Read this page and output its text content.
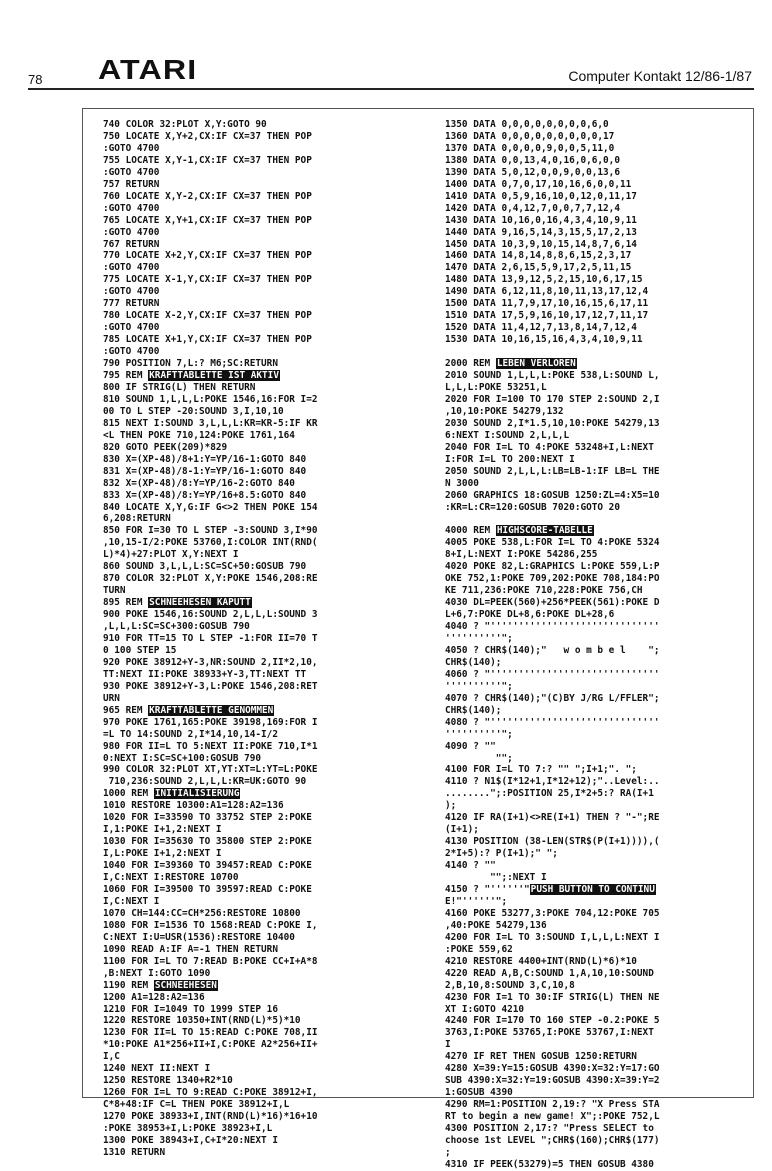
78 ATARI	Computer Kontakt 12/86-1/87
740 COLOR 32:PLOT X,Y:GOTO 90
750 LOCATE X,Y+2,CX:IF CX=37 THEN POP
:GOTO 4700
755 LOCATE X,Y-1,CX:IF CX=37 THEN POP
:GOTO 4700
757 RETURN
760 LOCATE X,Y-2,CX:IF CX=37 THEN POP
:GOTO 4700
765 LOCATE X,Y+1,CX:IF CX=37 THEN POP
:GOTO 4700
767 RETURN
770 LOCATE X+2,Y,CX:IF CX=37 THEN POP
:GOTO 4700
775 LOCATE X-1,Y,CX:IF CX=37 THEN POP
:GOTO 4700
777 RETURN
780 LOCATE X-2,Y,CX:IF CX=37 THEN POP
:GOTO 4700
785 LOCATE X+1,Y,CX:IF CX=37 THEN POP
:GOTO 4700
790 POSITION 7,L:? M6;SC:RETURN
795 REM KRÄFTTABLETTE IST AKTIV
800 IF STRIG(L) THEN RETURN
810 SOUND 1,L,L,L:POKE 1546,16:FOR I=2
00 TO L STEP -20:SOUND 3,I,10,10
815 NEXT I:SOUND 3,L,L,L:KR=KR-5:IF KR
<L THEN POKE 710,124:POKE 1761,164
820 GOTO PEEK(209)*829
830 X=(XP-48)/8+1:Y=YP/16-1:GOTO 840
831 X=(XP-48)/8-1:Y=YP/16-1:GOTO 840
832 X=(XP-48)/8:Y=YP/16-2:GOTO 840
833 X=(XP-48)/8:Y=YP/16+8.5:GOTO 840
840 LOCATE X,Y,G:IF G<>2 THEN POKE 154
6,208:RETURN
850 FOR I=30 TO L STEP -3:SOUND 3,I*90
,10,15-I/2:POKE 53760,I:COLOR INT(RND(
L)*4)+27:PLOT X,Y:NEXT I
860 SOUND 3,L,L,L:SC=SC+50:GOSUB 790
870 COLOR 32:PLOT X,Y:POKE 1546,208:RE
TURN
895 REM SCHNEEHESEN KAPUTT
900 POKE 1546,16:SOUND 2,L,L,L:SOUND 3
,L,L,L:SC=SC+300:GOSUB 790
910 FOR TT=15 TO L STEP -1:FOR II=70 T
0 100 STEP 15
920 POKE 38912+Y-3,NR:SOUND 2,II*2,10,
TT:NEXT II:POKE 38933+Y-3,TT:NEXT TT
930 POKE 38912+Y-3,L:POKE 1546,208:RET
URN
965 REM KRÄFTTABLETTE GENOMMEN
970 POKE 1761,165:POKE 39198,169:FOR I
=L TO 14:SOUND 2,I*14,10,14-I/2
980 FOR II=L TO 5:NEXT II:POKE 710,I*1
0:NEXT I:SC=SC+100:GOSUB 790
990 COLOR 32:PLOT XT,YT:XT=L:YT=L:POKE
710,236:SOUND 2,L,L,L:KR=UK:GOTO 90
1000 REM INITIALISIERUNG
1010 RESTORE 10300:A1=128:A2=136
1020 FOR I=33590 TO 33752 STEP 2:POKE
I,1:POKE I+1,2:NEXT I
1030 FOR I=35630 TO 35800 STEP 2:POKE
I,L:POKE I+1,2:NEXT I
1040 FOR I=39360 TO 39457:READ C:POKE
I,C:NEXT I:RESTORE 10700
1060 FOR I=39500 TO 39597:READ C:POKE
I,C:NEXT I
1070 CH=144:CC=CH*256:RESTORE 10800
1080 FOR I=1536 TO 1568:READ C:POKE I,
C:NEXT I:U=USR(1536):RESTORE 10400
1090 READ A:IF A=-1 THEN RETURN
1100 FOR I=L TO 7:READ B:POKE CC+I+A*8
,B:NEXT I:GOTO 1090
1190 REM SCHNEEHESEN
1200 A1=128:A2=136
1210 FOR I=1049 TO 1999 STEP 16
1220 RESTORE 10350+INT(RND(L)*5)*10
1230 FOR II=L TO 15:READ C:POKE 708,II
*10:POKE A1*256+II+I,C:POKE A2*256+II+
I,C
1240 NEXT II:NEXT I
1250 RESTORE 1340+R2*10
1260 FOR I=L TO 9:READ C:POKE 38912+I,
C*8+48:IF C=L THEN POKE 38912+I,L
1270 POKE 38933+I,INT(RND(L)*16)*16+10
:POKE 38953+I,L:POKE 38923+I,L
1300 POKE 38943+I,C+I*20:NEXT I
1310 RETURN
1350 DATA 0,0,0,0,0,0,0,0,6,0
1360 DATA 0,0,0,0,0,0,0,0,0,17
1370 DATA 0,0,0,0,9,0,0,5,11,0
1380 DATA 0,0,13,4,0,16,0,6,0,0
1390 DATA 5,0,12,0,0,9,0,0,13,6
1400 DATA 0,7,0,17,10,16,6,0,0,11
1410 DATA 0,5,9,16,10,0,12,0,11,17
1420 DATA 0,4,12,7,0,0,7,7,12,4
1430 DATA 10,16,0,16,4,3,4,10,9,11
1440 DATA 9,16,5,14,3,15,5,17,2,13
1450 DATA 10,3,9,10,15,14,8,7,6,14
1460 DATA 14,8,14,8,8,6,15,2,3,17
1470 DATA 2,6,15,5,9,17,2,5,11,15
1480 DATA 13,9,12,5,2,15,10,6,17,15
1490 DATA 6,12,11,8,10,11,13,17,12,4
1500 DATA 11,7,9,17,10,16,15,6,17,11
1510 DATA 17,5,9,16,10,17,12,7,11,17
1520 DATA 11,4,12,7,13,8,14,7,12,4
1530 DATA 10,16,15,16,4,3,4,10,9,11
2000 REM LEBEN VERLOREN
2010 SOUND 1,L,L,L:POKE 538,L:SOUND L,
L,L,L:POKE 53251,L
2020 FOR I=100 TO 170 STEP 2:SOUND 2,I
,10,10:POKE 54279,132
2030 SOUND 2,I*1.5,10,10:POKE 54279,13
6:NEXT I:SOUND 2,L,L,L
2040 FOR I=L TO 4:POKE 53248+I,L:NEXT
I:FOR I=L TO 200:NEXT I
2050 SOUND 2,L,L,L:LB=LB-1:IF LB=L THE
N 3000
2060 GRAPHICS 18:GOSUB 1250:ZL=4:X5=10
:KR=L:CR=120:GOSUB 7020:GOTO 20
4000 REM HIGHSCORE-TABELLE
4005 POKE 538,L:FOR I=L TO 4:POKE 5324
8+I,L:NEXT I:POKE 54286,255
4020 POKE 82,L:GRAPHICS L:POKE 559,L:P
OKE 752,1:POKE 709,202:POKE 708,184:PO
KE 711,236:POKE 710,228:POKE 756,CH
4030 DL=PEEK(560)+256*PEEK(561):POKE D
L+6,7:POKE DL+8,6:POKE DL+28,6
4040 ? "''''''''''''''''''''''''''''''
''''''''''";
4050 ? CHR$(140);"   w o m b e l    ";
CHR$(140);
4060 ? "''''''''''''''''''''''''''''''
''''''''''";
4070 ? CHR$(140);"(C)BY J/RG L/FFLER";
CHR$(140);
4080 ? "''''''''''''''''''''''''''''''
''''''''''";
4090 ? ""
"";
4100 FOR I=L TO 7:? "" ";I+1;". ";
4110 ? N1$(I*12+1,I*12+12);"..Level:..
........";:POSITION 25,I*2+5:? RA(I+1
);
4120 IF RA(I+1)<>RE(I+1) THEN ? "-";RE
(I+1);
4130 POSITION (38-LEN(STR$(P(I+1)))),(
2*I+5):? P(I+1);" ";
4140 ? ""
"";:NEXT I
4150 ? "''''''"PUSH BUTTON TO CONTINU
E!"''''''";
4160 POKE 53277,3:POKE 704,12:POKE 705
,40:POKE 54279,136
4200 FOR I=L TO 3:SOUND I,L,L,L:NEXT I
:POKE 559,62
4210 RESTORE 4400+INT(RND(L)*6)*10
4220 READ A,B,C:SOUND 1,A,10,10:SOUND
2,B,10,8:SOUND 3,C,10,8
4230 FOR I=1 TO 30:IF STRIG(L) THEN NE
XT I:GOTO 4210
4240 FOR I=170 TO 160 STEP -0.2:POKE 5
3763,I:POKE 53765,I:POKE 53767,I:NEXT
I
4270 IF RET THEN GOSUB 1250:RETURN
4280 X=39:Y=15:GOSUB 4390:X=32:Y=17:GO
SUB 4390:X=32:Y=19:GOSUB 4390:X=39:Y=2
1:GOSUB 4390
4290 RM=1:POSITION 2,19:? "X Press STA
RT to begin a new game! X";:POKE 752,L
4300 POSITION 2,17:? "Press SELECT to
choose 1st LEVEL ";CHR$(160);CHR$(177)
;
4310 IF PEEK(53279)=5 THEN GOSUB 4380
